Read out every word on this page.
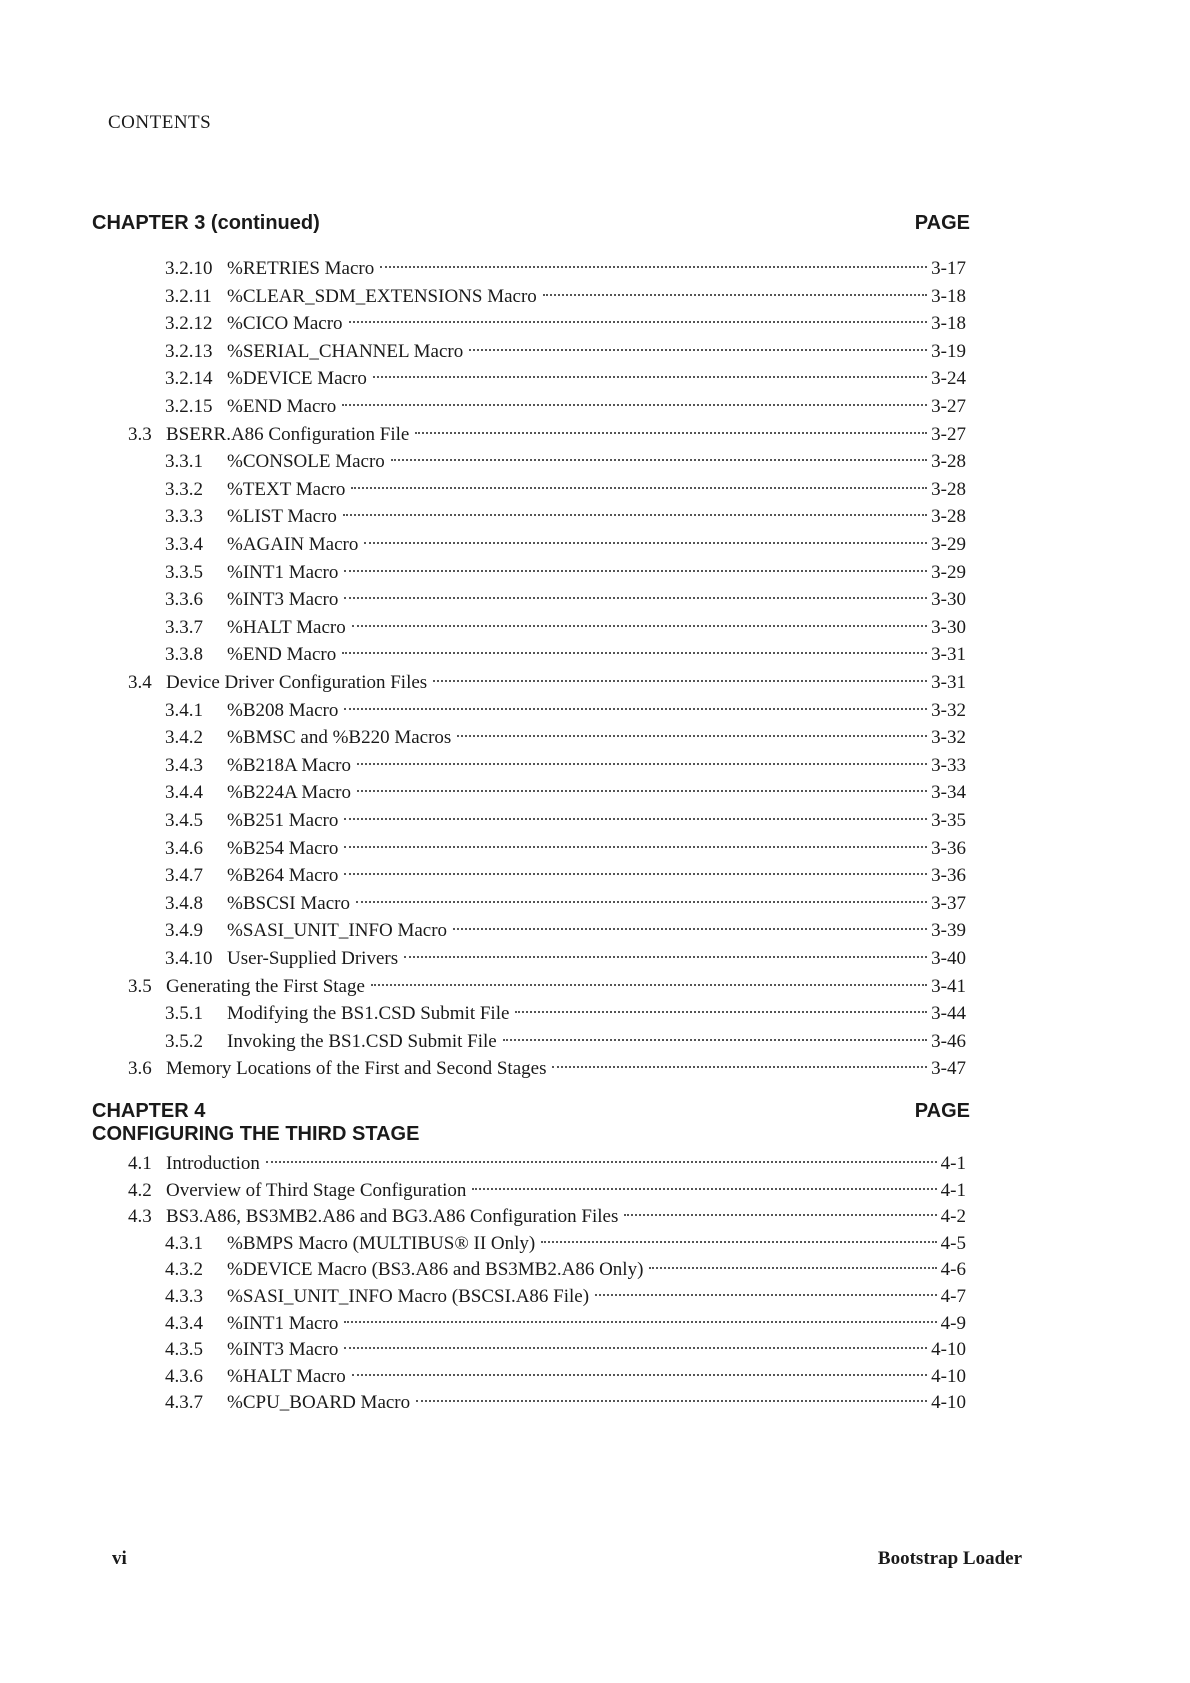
CONTENTS
CHAPTER 3 (continued)	PAGE
3.2.10 %RETRIES Macro	3-17
3.2.11 %CLEAR_SDM_EXTENSIONS Macro	3-18
3.2.12 %CICO Macro	3-18
3.2.13 %SERIAL_CHANNEL Macro	3-19
3.2.14 %DEVICE Macro	3-24
3.2.15 %END Macro	3-27
3.3 BSERR.A86 Configuration File	3-27
3.3.1	%CONSOLE Macro	3-28
3.3.2	%TEXT Macro	3-28
3.3.3	%LIST Macro	3-28
3.3.4	%AGAIN Macro	3-29
3.3.5	%INT1 Macro	3-29
3.3.6	%INT3 Macro	3-30
3.3.7	%HALT Macro	3-30
3.3.8	%END Macro	3-31
3.4 Device Driver Configuration Files	3-31
3.4.1	%B208 Macro	3-32
3.4.2	%BMSC and %B220 Macros	3-32
3.4.3	%B218A Macro	3-33
3.4.4	%B224A Macro	3-34
3.4.5	%B251 Macro	3-35
3.4.6	%B254 Macro	3-36
3.4.7	%B264 Macro	3-36
3.4.8	%BSCSI Macro	3-37
3.4.9	%SASI_UNIT_INFO Macro	3-39
3.4.10 User-Supplied Drivers	3-40
3.5 Generating the First Stage	3-41
3.5.1	Modifying the BS1.CSD Submit File	3-44
3.5.2	Invoking the BS1.CSD Submit File	3-46
3.6 Memory Locations of the First and Second Stages	3-47
CHAPTER 4	PAGE
CONFIGURING THE THIRD STAGE
4.1 Introduction	4-1
4.2 Overview of Third Stage Configuration	4-1
4.3 BS3.A86, BS3MB2.A86 and BG3.A86 Configuration Files	4-2
4.3.1	%BMPS Macro (MULTIBUS® II Only)	4-5
4.3.2	%DEVICE Macro (BS3.A86 and BS3MB2.A86 Only)	4-6
4.3.3	%SASI_UNIT_INFO Macro (BSCSI.A86 File)	4-7
4.3.4	%INT1 Macro	4-9
4.3.5	%INT3 Macro	4-10
4.3.6	%HALT Macro	4-10
4.3.7	%CPU_BOARD Macro	4-10
vi	Bootstrap Loader
